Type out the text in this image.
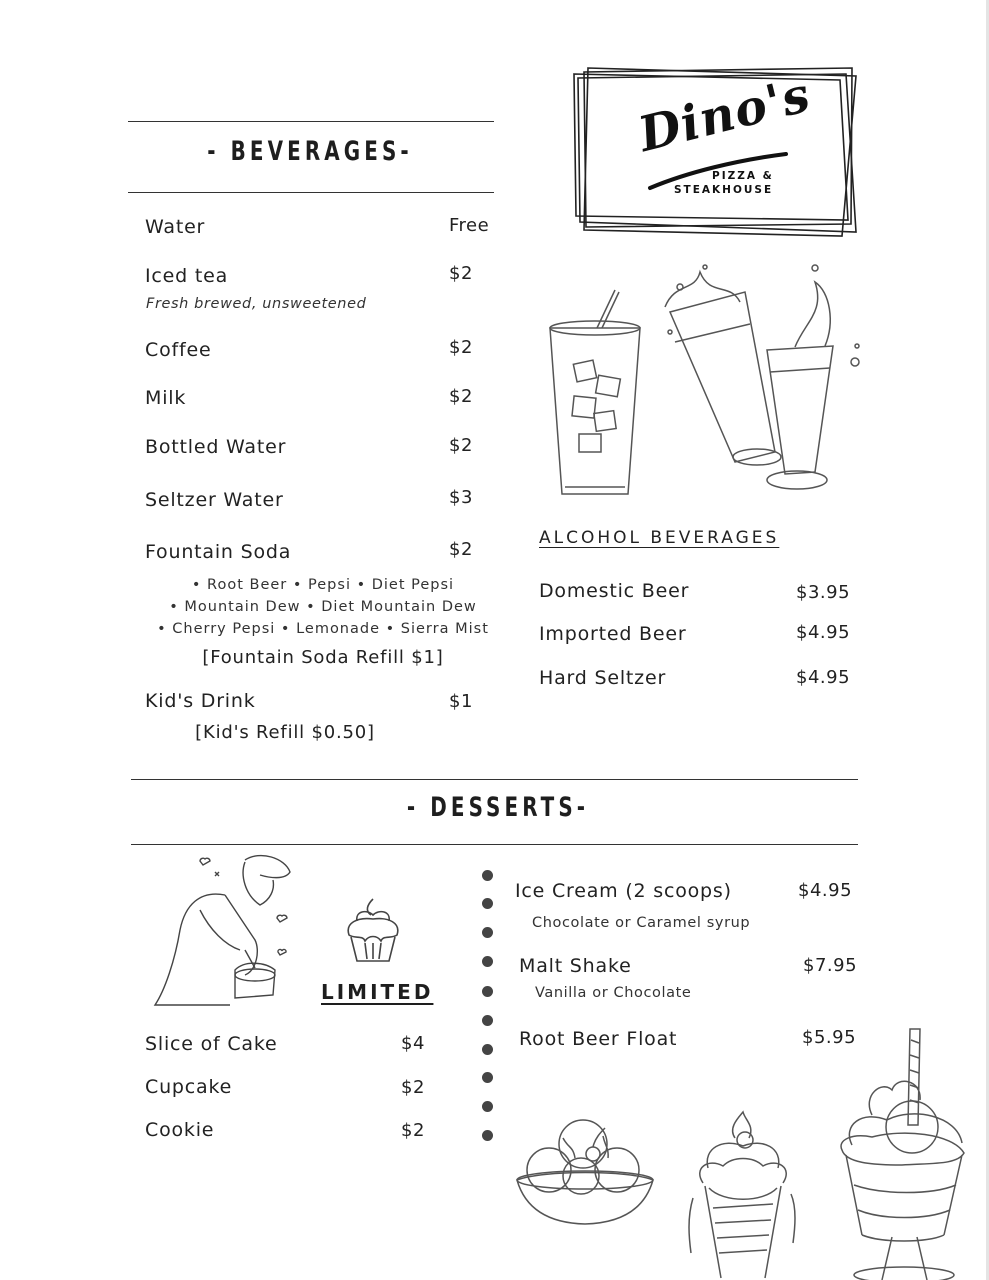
- BEVERAGES-
Water	Free
Iced tea	$2
Fresh brewed, unsweetened
Coffee	$2
Milk	$2
Bottled Water	$2
Seltzer Water	$3
Fountain Soda	$2
• Root Beer • Pepsi • Diet Pepsi
• Mountain Dew • Diet Mountain Dew
• Cherry Pepsi • Lemonade • Sierra Mist
[Fountain Soda Refill $1]
Kid's Drink	$1
[Kid's Refill $0.50]
Dino's
PIZZA &
STEAKHOUSE
ALCOHOL BEVERAGES
Domestic Beer	$3.95
Imported Beer	$4.95
Hard Seltzer	$4.95
- DESSERTS-
LIMITED
Slice of Cake	$4
Cupcake	$2
Cookie	$2
Ice Cream (2 scoops)	$4.95
Chocolate or Caramel syrup
Malt Shake	$7.95
Vanilla or Chocolate
Root Beer Float	$5.95
